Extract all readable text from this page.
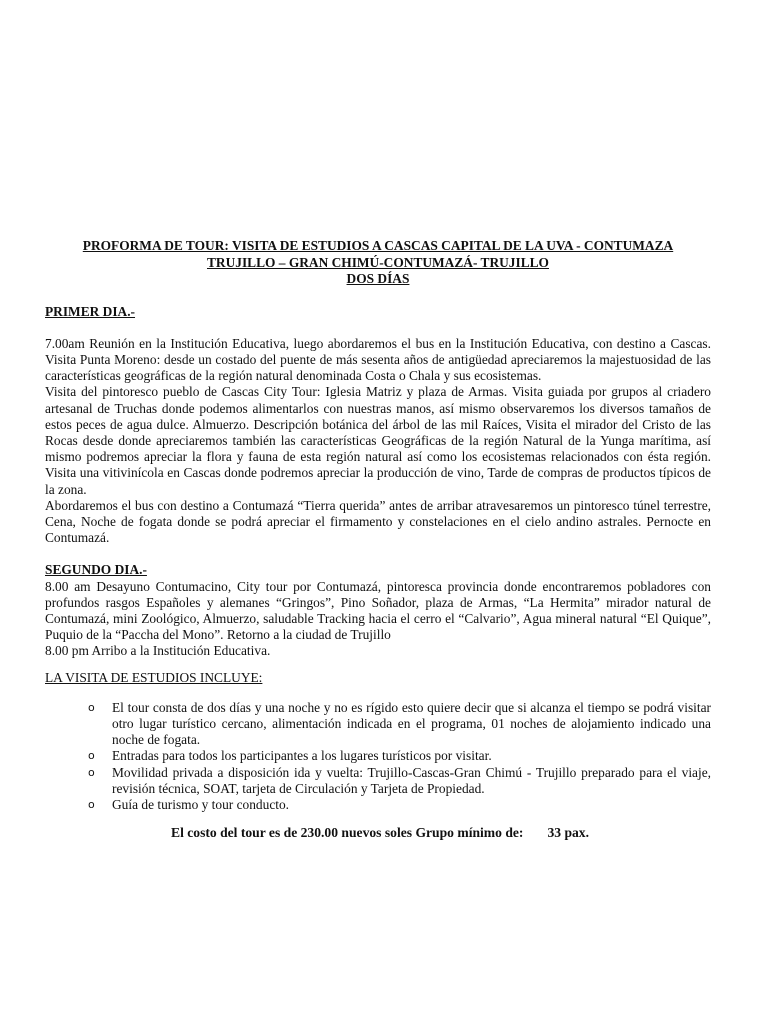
PROFORMA DE TOUR: VISITA DE ESTUDIOS A CASCAS CAPITAL DE LA UVA - CONTUMAZA
TRUJILLO – GRAN CHIMÚ-CONTUMAZÁ- TRUJILLO
DOS DÍAS
PRIMER DIA.-

7.00am Reunión en la Institución Educativa, luego abordaremos el bus en la Institución Educativa, con destino a Cascas. Visita Punta Moreno: desde un costado del puente de más sesenta años de antigüedad apreciaremos la majestuosidad de las características geográficas de la región natural denominada Costa o Chala y sus ecosistemas.

Visita del pintoresco pueblo de Cascas City Tour: Iglesia Matriz y plaza de Armas. Visita guiada por grupos al criadero artesanal de Truchas donde podemos alimentarlos con nuestras manos, así mismo observaremos los diversos tamaños de estos peces de agua dulce. Almuerzo. Descripción botánica del árbol de las mil Raíces, Visita el mirador del Cristo de las Rocas desde donde apreciaremos también las características Geográficas de la región Natural de la Yunga marítima, así mismo podremos apreciar la flora y fauna de esta región natural así como los ecosistemas relacionados con ésta región. Visita una vitivinícola en Cascas donde podremos apreciar la producción de vino, Tarde de compras de productos típicos de la zona.

Abordaremos el bus con destino a Contumazá “Tierra querida” antes de arribar atravesaremos un pintoresco túnel terrestre, Cena, Noche de fogata donde se podrá apreciar el firmamento y constelaciones en el cielo andino astrales. Pernocte en Contumazá.

SEGUNDO DIA.-

8.00 am Desayuno Contumacino, City tour por Contumazá, pintoresca provincia donde encontraremos pobladores con profundos rasgos Españoles y alemanes “Gringos”, Pino Soñador, plaza de Armas, “La Hermita” mirador natural de Contumazá, mini Zoológico, Almuerzo, saludable Tracking hacia el cerro el “Calvario”, Agua mineral natural “El Quique”, Puquio de la “Paccha del Mono”. Retorno a la ciudad de Trujillo

8.00 pm Arribo a la Institución Educativa.

LA VISITA DE ESTUDIOS INCLUYE:
o El tour consta de dos días y una noche y no es rígido esto quiere decir que si alcanza el tiempo se podrá visitar otro lugar turístico cercano, alimentación indicada en el programa, 01 noches de alojamiento indicado una noche de fogata.
o Entradas para todos los participantes a los lugares turísticos por visitar.
o Movilidad privada a disposición ida y vuelta: Trujillo-Cascas-Gran Chimú - Trujillo preparado para el viaje, revisión técnica, SOAT, tarjeta de Circulación y Tarjeta de Propiedad.
o Guía de turismo y tour conducto.
El costo del tour es de 230.00 nuevos soles Grupo mínimo de: 33 pax.
